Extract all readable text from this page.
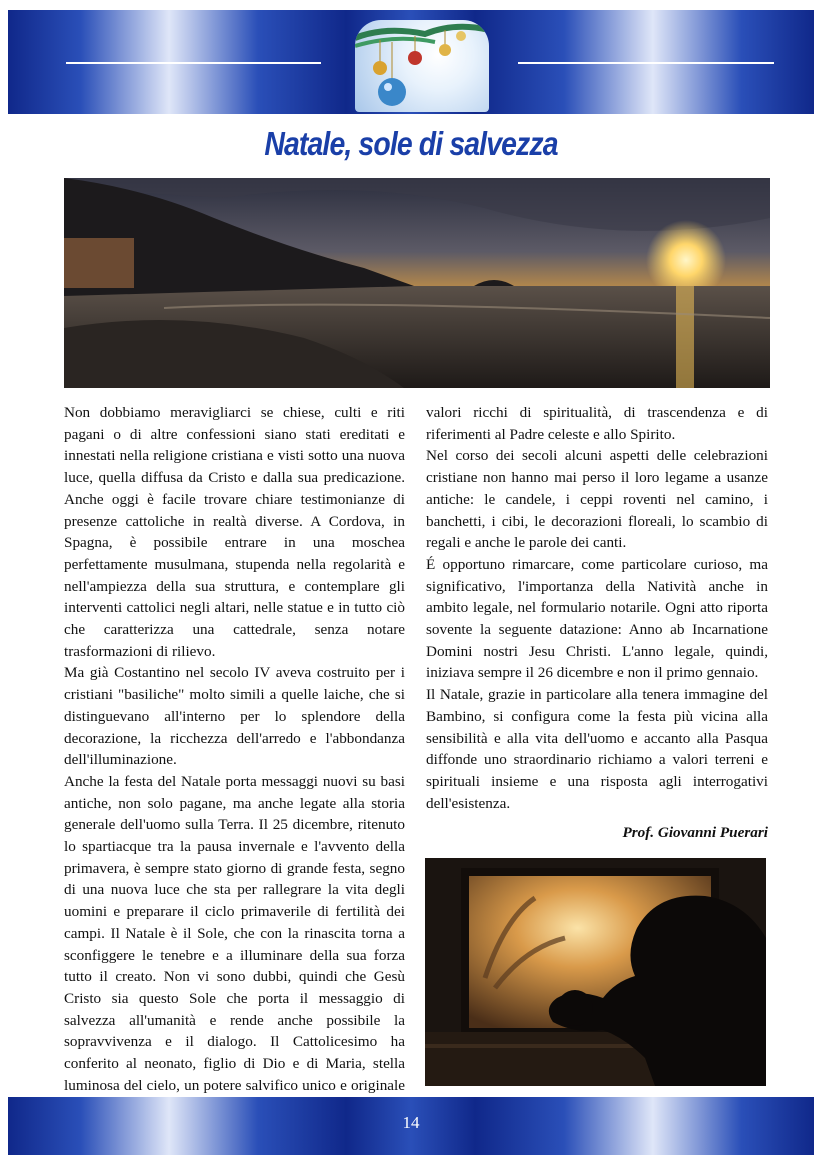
Natale, sole di salvezza

Non dobbiamo meravigliarci se chiese, culti e riti pagani o di altre confessioni siano stati ereditati e innestati nella religione cristiana e visti sotto una nuova luce, quella diffusa da Cristo e dalla sua predicazione. Anche oggi è facile trovare chiare testimonianze di presenze cattoliche in realtà diverse. A Cordova, in Spagna, è possibile entrare in una moschea perfettamente musulmana, stupenda nella regolarità e nell'ampiezza della sua struttura, e contemplare gli interventi cattolici negli altari, nelle statue e in tutto ciò che caratterizza una cattedrale, senza notare trasformazioni di rilievo.

Ma già Costantino nel secolo IV aveva costruito per i cristiani "basiliche" molto simili a quelle laiche, che si distinguevano all'interno per lo splendore della decorazione, la ricchezza dell'arredo e l'abbondanza dell'illuminazione.

Anche la festa del Natale porta messaggi nuovi su basi antiche, non solo pagane, ma anche legate alla storia generale dell'uomo sulla Terra. Il 25 dicembre, ritenuto lo spartiacque tra la pausa invernale e l'avvento della primavera, è sempre stato giorno di grande festa, segno di una nuova luce che sta per rallegrare la vita degli uomini e preparare il ciclo primaverile di fertilità dei campi. Il Natale è il Sole, che con la rinascita torna a sconfiggere le tenebre e a illuminare della sua forza tutto il creato. Non vi sono dubbi, quindi che Gesù Cristo sia questo Sole che porta il messaggio di salvezza all'umanità e rende anche possibile la sopravvivenza e il dialogo. Il Cattolicesimo ha conferito al neonato, figlio di Dio e di Maria, stella luminosa del cielo, un potere salvifico unico e originale

valori ricchi di spiritualità, di trascendenza e di riferimenti al Padre celeste e allo Spirito.

Nel corso dei secoli alcuni aspetti delle celebrazioni cristiane non hanno mai perso il loro legame a usanze antiche: le candele, i ceppi roventi nel camino, i banchetti, i cibi, le decorazioni floreali, lo scambio di regali e anche le parole dei canti.

É opportuno rimarcare, come particolare curioso, ma significativo, l'importanza della Natività anche in ambito legale, nel formulario notarile. Ogni atto riporta sovente la seguente datazione: Anno ab Incarnatione Domini nostri Jesu Christi. L'anno legale, quindi, iniziava sempre il 26 dicembre e non il primo gennaio.

Il Natale, grazie in particolare alla tenera immagine del Bambino, si configura come la festa più vicina alla sensibilità e alla vita dell'uomo e accanto alla Pasqua diffonde uno straordinario richiamo a valori terreni e spirituali insieme e una risposta agli interrogativi dell'esistenza.

Prof. Giovanni Puerari

14
